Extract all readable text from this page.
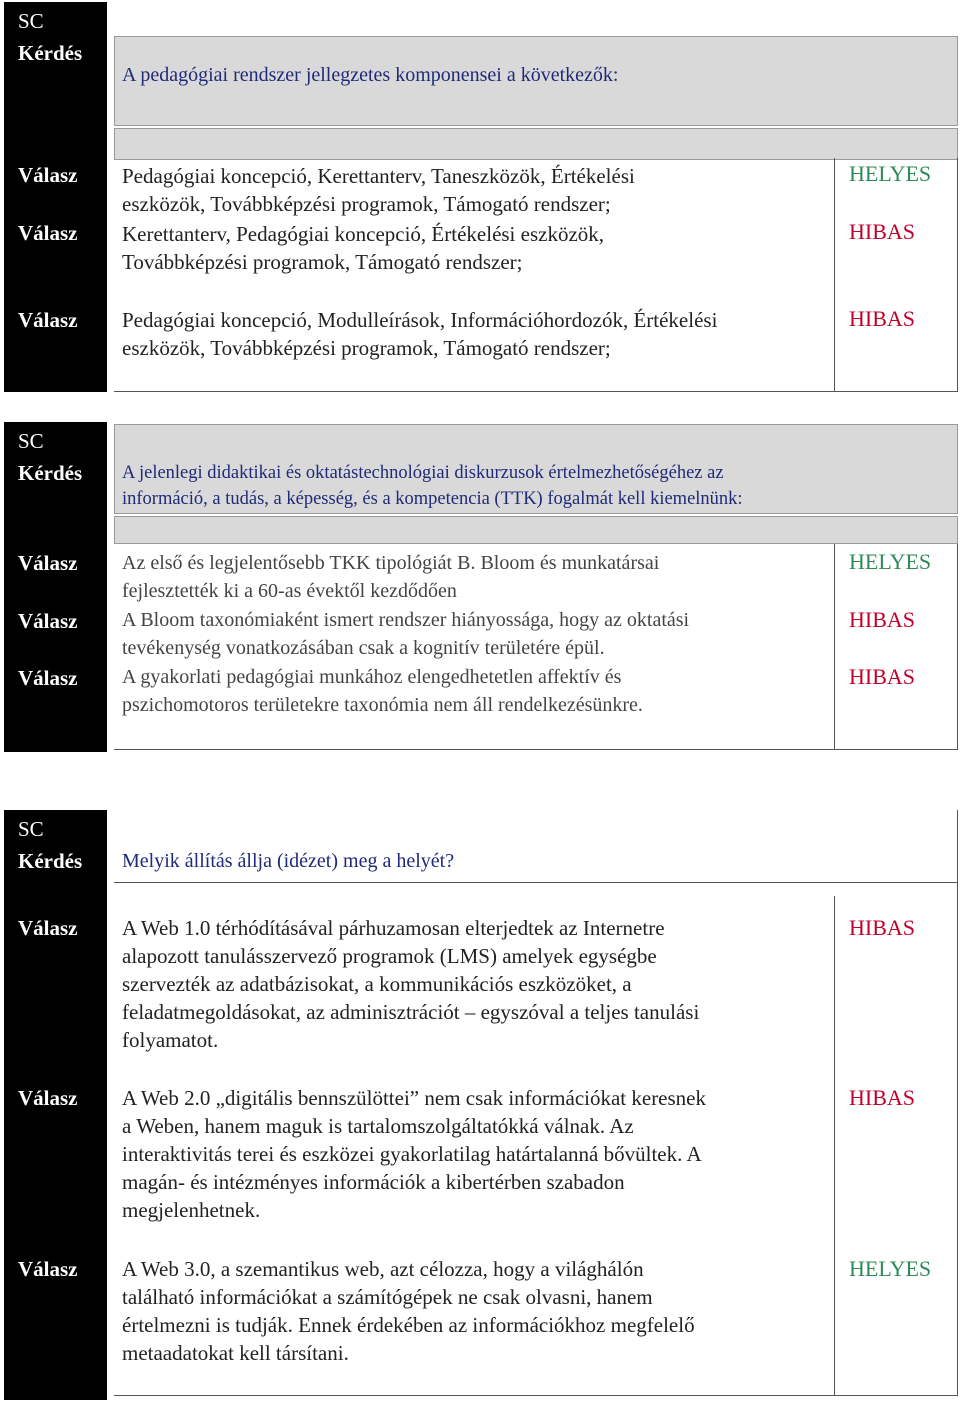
SC
Kérdés
A pedagógiai rendszer jellegzetes komponensei a következők:
Válasz Pedagógiai koncepció, Kerettanterv, Taneszközök, Értékelési
eszközök, Továbbképzési programok, Támogató rendszer;
HELYES
Válasz Kerettanterv, Pedagógiai koncepció, Értékelési eszközök,
Továbbképzési programok, Támogató rendszer;
HIBAS
Válasz Pedagógiai koncepció, Modulleírások, Információhordozók, Értékelési
eszközök, Továbbképzési programok, Támogató rendszer;
HIBAS
SC
Kérdés A jelenlegi didaktikai és oktatástechnológiai diskurzusok értelmezhetőségéhez az
információ, a tudás, a képesség, és a kompetencia (TTK) fogalmát kell kiemelnünk:
Válasz Az első és legjelentősebb TKK tipológiát B. Bloom és munkatársai
fejlesztették ki a 60-as évektől kezdődően
HELYES
Válasz A Bloom taxonómiaként ismert rendszer hiányossága, hogy az oktatási
tevékenység vonatkozásában csak a kognitív területére épül.
HIBAS
Válasz A gyakorlati pedagógiai munkához elengedhetetlen affektív és
pszichomotoros területekre taxonómia nem áll rendelkezésünkre.
HIBAS
SC
Kérdés Melyik állítás állja (idézet) meg a helyét?
Válasz A Web 1.0 térhódításával párhuzamosan elterjedtek az Internetre
alapozott tanulásszervező programok (LMS) amelyek egységbe
szervezték az adatbázisokat, a kommunikációs eszközöket, a
feladatmegoldásokat, az adminisztrációt – egyszóval a teljes tanulási
folyamatot.
HIBAS
Válasz A Web 2.0 „digitális bennszülöttei” nem csak információkat keresnek
a Weben, hanem maguk is tartalomszolgáltatókká válnak. Az
interaktivitás terei és eszközei gyakorlatilag határtalanná bővültek. A
magán- és intézményes információk a kibertérben szabadon
megjelenhetnek.
HIBAS
Válasz A Web 3.0, a szemantikus web, azt célozza, hogy a világhálón
található információkat a számítógépek ne csak olvasni, hanem
értelmezni is tudják. Ennek érdekében az információkhoz megfelelő
metaadatokat kell társítani.
HELYES
